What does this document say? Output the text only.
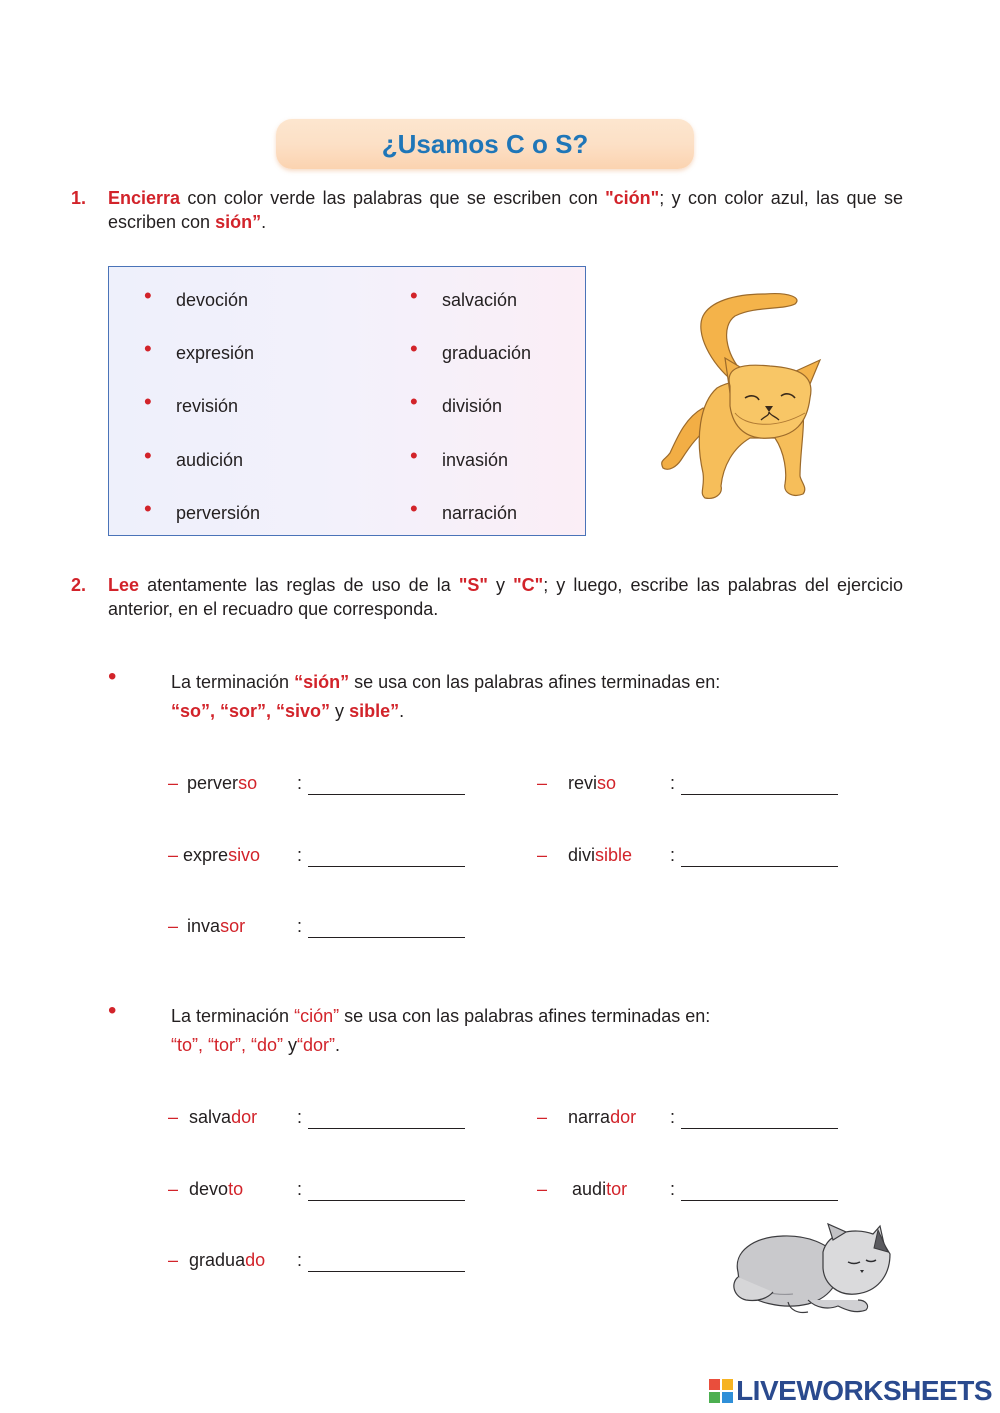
¿Usamos C o S?
1. Encierra con color verde las palabras que se escriben con "ción"; y con color azul, las que se escriben con sión”.
• devoción
• expresión
• revisión
• audición
• perversión
• salvación
• graduación
• división
• invasión
• narración
2. Lee atentamente las reglas de uso de la "S" y "C"; y luego, escribe las palabras del ejercicio anterior, en el recuadro que corresponda.
•	La terminación “sión” se usa con las palabras afines terminadas en:
“so”, “sor”, “sivo” y sible”.
– perverso :	– reviso	:
– expresivo :	– divisible :
– invasor	:
•	La terminación “ción” se usa con las palabras afines terminadas en:
“to”, “tor”, “do” y“dor”.
– salvador :	– narrador :
– devoto	:	– auditor :
– graduado :
LIVEWORKSHEETS
